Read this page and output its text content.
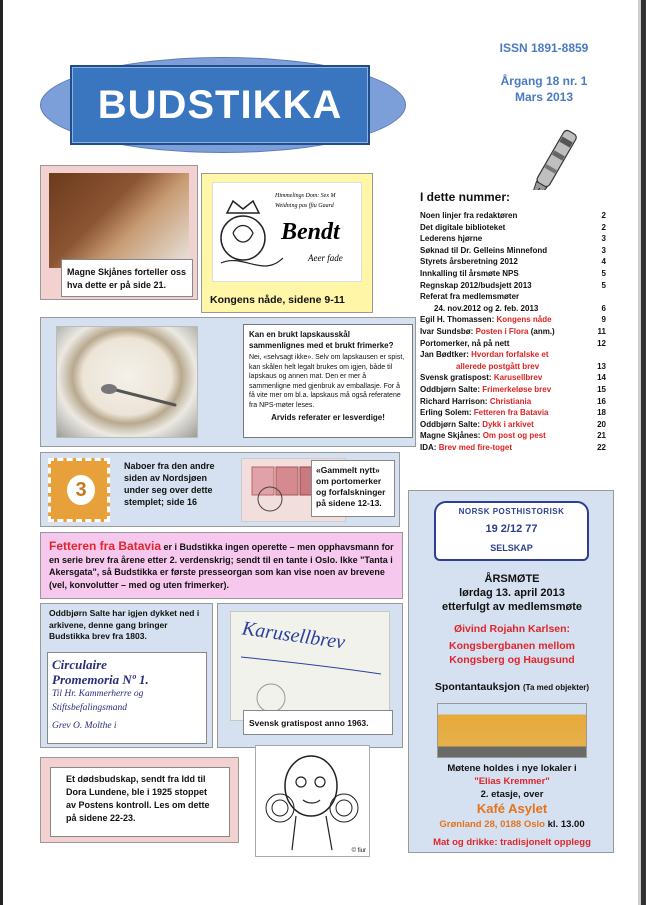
BUDSTIKKA
ISSN 1891-8859
Årgang 18 nr. 1
Mars 2013
Magne Skjånes forteller oss hva dette er på side 21.
Himmelings Dom: Sex M
Weidning pas ffiu Gaard
Bendt
Aeer fade
Kongens nåde, sidene 9-11
I dette nummer:
Noen linjer fra redaktøren	2
Det digitale biblioteket	2
Lederens hjørne	3
Søknad til Dr. Gelleins Minnefond	3
Styrets årsberetning 2012	4
Innkalling til årsmøte NPS	5
Regnskap 2012/budsjett 2013	5
Referat fra medlemsmøter
24. nov.2012 og 2. feb. 2013	6
Egil H. Thomassen: Kongens nåde	9
Ivar Sundsbø: Posten i Flora (anm.)	11
Portomerker, nå på nett	12
Jan Bødtker: Hvordan forfalske et
allerede postgått brev	13
Svensk gratispost: Karusellbrev	14
Oddbjørn Salte: Frimerkeløse brev	15
Richard Harrison: Christiania	16
Erling Solem: Fetteren fra Batavia	18
Oddbjørn Salte: Dykk i arkivet	20
Magne Skjånes: Om post og pest	21
IDA: Brev med fire-toget	22
Kan en brukt lapskausskål sammenlignes med et brukt frimerke?
Nei, «selvsagt ikke». Selv om lapskausen er spist, kan skålen helt legalt brukes om igjen, både til lapskaus og annen mat. Den er mer å sammenligne med gjenbruk av emballasje. For å få vite mer om bl.a. lapskaus må også referatene fra NPS-møter leses.
Arvids referater er lesverdige!
3
Naboer fra den andre siden av Nordsjøen under seg over dette stemplet; side 16
«Gammelt nytt» om portomerker og forfalskninger på sidene 12-13.
Fetteren fra Batavia er i Budstikka ingen operette – men opphavsmann for en serie brev fra årene etter 2. verdenskrig; sendt til en tante i Oslo. Ikke "Tanta i Akersgata", så Budstikka er første presseorgan som kan vise noen av brevene (vel, konvolutter – med og uten frimerker).
Oddbjørn Salte har igjen dykket ned i arkivene, denne gang bringer Budstikka brev fra 1803.
Circulaire
Promemoria Nº 1.
Til Hr. Kammerherre og
Stiftsbefalingsmand
Grev O. Molthe i
Karusellbrev
Svensk gratispost anno 1963.
Et dødsbudskap, sendt fra Idd til Dora Lundene, ble i 1925 stoppet av Postens kontroll. Les om dette på sidene 22-23.
© fiur
NORSK POSTHISTORISK
19 2/12 77
SELSKAP
ÅRSMØTE
lørdag 13. april 2013
etterfulgt av medlemsmøte
Øivind Rojahn Karlsen:
Kongsbergbanen mellom Kongsberg og Haugsund
Spontantauksjon (Ta med objekter)
Møtene holdes i nye lokaler i
"Elias Kremmer"
2. etasje, over
Kafé Asylet
Grønland 28, 0188 Oslo kl. 13.00
Mat og drikke: tradisjonelt opplegg
